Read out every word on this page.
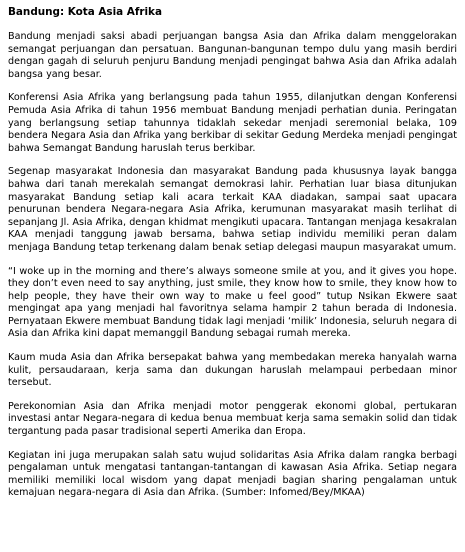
Bandung: Kota Asia Afrika

Bandung menjadi saksi abadi perjuangan bangsa Asia dan Afrika dalam menggelorakan semangat perjuangan dan persatuan. Bangunan-bangunan tempo dulu yang masih berdiri dengan gagah di seluruh penjuru Bandung menjadi pengingat bahwa Asia dan Afrika adalah bangsa yang besar.

Konferensi Asia Afrika yang berlangsung pada tahun 1955, dilanjutkan dengan Konferensi Pemuda Asia Afrika di tahun 1956 membuat Bandung menjadi perhatian dunia. Peringatan yang berlangsung setiap tahunnya tidaklah sekedar menjadi seremonial belaka, 109 bendera Negara Asia dan Afrika yang berkibar di sekitar Gedung Merdeka menjadi pengingat bahwa Semangat Bandung haruslah terus berkibar.

Segenap masyarakat Indonesia dan masyarakat Bandung pada khususnya layak bangga bahwa dari tanah merekalah semangat demokrasi lahir. Perhatian luar biasa ditunjukan masyarakat Bandung setiap kali acara terkait KAA diadakan, sampai saat upacara penurunan bendera Negara-negara Asia Afrika, kerumunan masyarakat masih terlihat di sepanjang Jl. Asia Afrika, dengan khidmat mengikuti upacara. Tantangan menjaga kesakralan KAA menjadi tanggung jawab bersama, bahwa setiap individu memiliki peran dalam menjaga Bandung tetap terkenang dalam benak setiap delegasi maupun masyarakat umum.

“I woke up in the morning and there’s always someone smile at you, and it gives you hope. they don’t even need to say anything, just smile, they know how to smile, they know how to help people, they have their own way to make u feel good” tutup Nsikan Ekwere saat mengingat apa yang menjadi hal favoritnya selama hampir 2 tahun berada di Indonesia. Pernyataan Ekwere membuat Bandung tidak lagi menjadi ‘milik’ Indonesia, seluruh negara di Asia dan Afrika kini dapat memanggil Bandung sebagai rumah mereka.

Kaum muda Asia dan Afrika bersepakat bahwa yang membedakan mereka hanyalah warna kulit, persaudaraan, kerja sama dan dukungan haruslah melampaui perbedaan minor tersebut.

Perekonomian Asia dan Afrika menjadi motor penggerak ekonomi global, pertukaran investasi antar Negara-negara di kedua benua membuat kerja sama semakin solid dan tidak tergantung pada pasar tradisional seperti Amerika dan Eropa.

Kegiatan ini juga merupakan salah satu wujud solidaritas Asia Afrika dalam rangka berbagi pengalaman untuk mengatasi tantangan-tantangan di kawasan Asia Afrika. Setiap negara memiliki memiliki local wisdom yang dapat menjadi bagian sharing pengalaman untuk kemajuan negara-negara di Asia dan Afrika. (Sumber: Infomed/Bey/MKAA)
